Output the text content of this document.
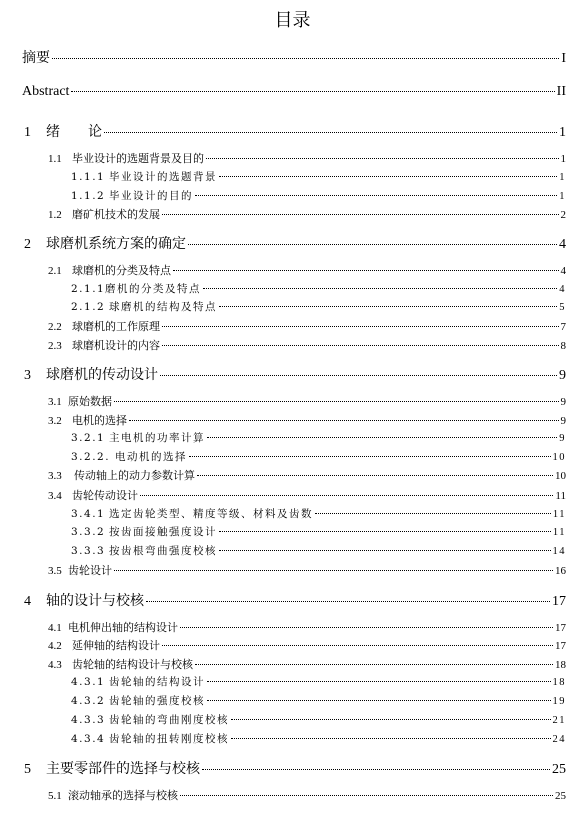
目录
摘要	I
Abstract	II
1	绪　　论	1
1.1 毕业设计的选题背景及目的	1
1.1.1 毕业设计的选题背景	1
1.1.2 毕业设计的目的	1
1.2 磨矿机技术的发展	2
2	球磨机系统方案的确定	4
2.1 球磨机的分类及特点	4
2.1.1 磨机的分类及特点	4
2.1.2 球磨机的结构及特点	5
2.2 球磨机的工作原理	7
2.3 球磨机设计的内容	8
3	球磨机的传动设计	9
3.1 原始数据	9
3.2 电机的选择	9
3.2.1 主电机的功率计算	9
3.2.2. 电动机的选择	10
3.3	传动轴上的动力参数计算	10
3.4 齿轮传动设计	11
3.4.1 选定齿轮类型、精度等级、材料及齿数	11
3.3.2 按齿面接触强度设计	11
3.3.3 按齿根弯曲强度校核	14
3.5 齿轮设计	16
4	轴的设计与校核	17
4.1 电机伸出轴的结构设计	17
4.2 延伸轴的结构设计	17
4.3 齿轮轴的结构设计与校核	18
4.3.1 齿轮轴的结构设计	18
4.3.2 齿轮轴的强度校核	19
4.3.3 齿轮轴的弯曲刚度校核	21
4.3.4 齿轮轴的扭转刚度校核	24
5	主要零部件的选择与校核	25
5.1 滚动轴承的选择与校核	25
